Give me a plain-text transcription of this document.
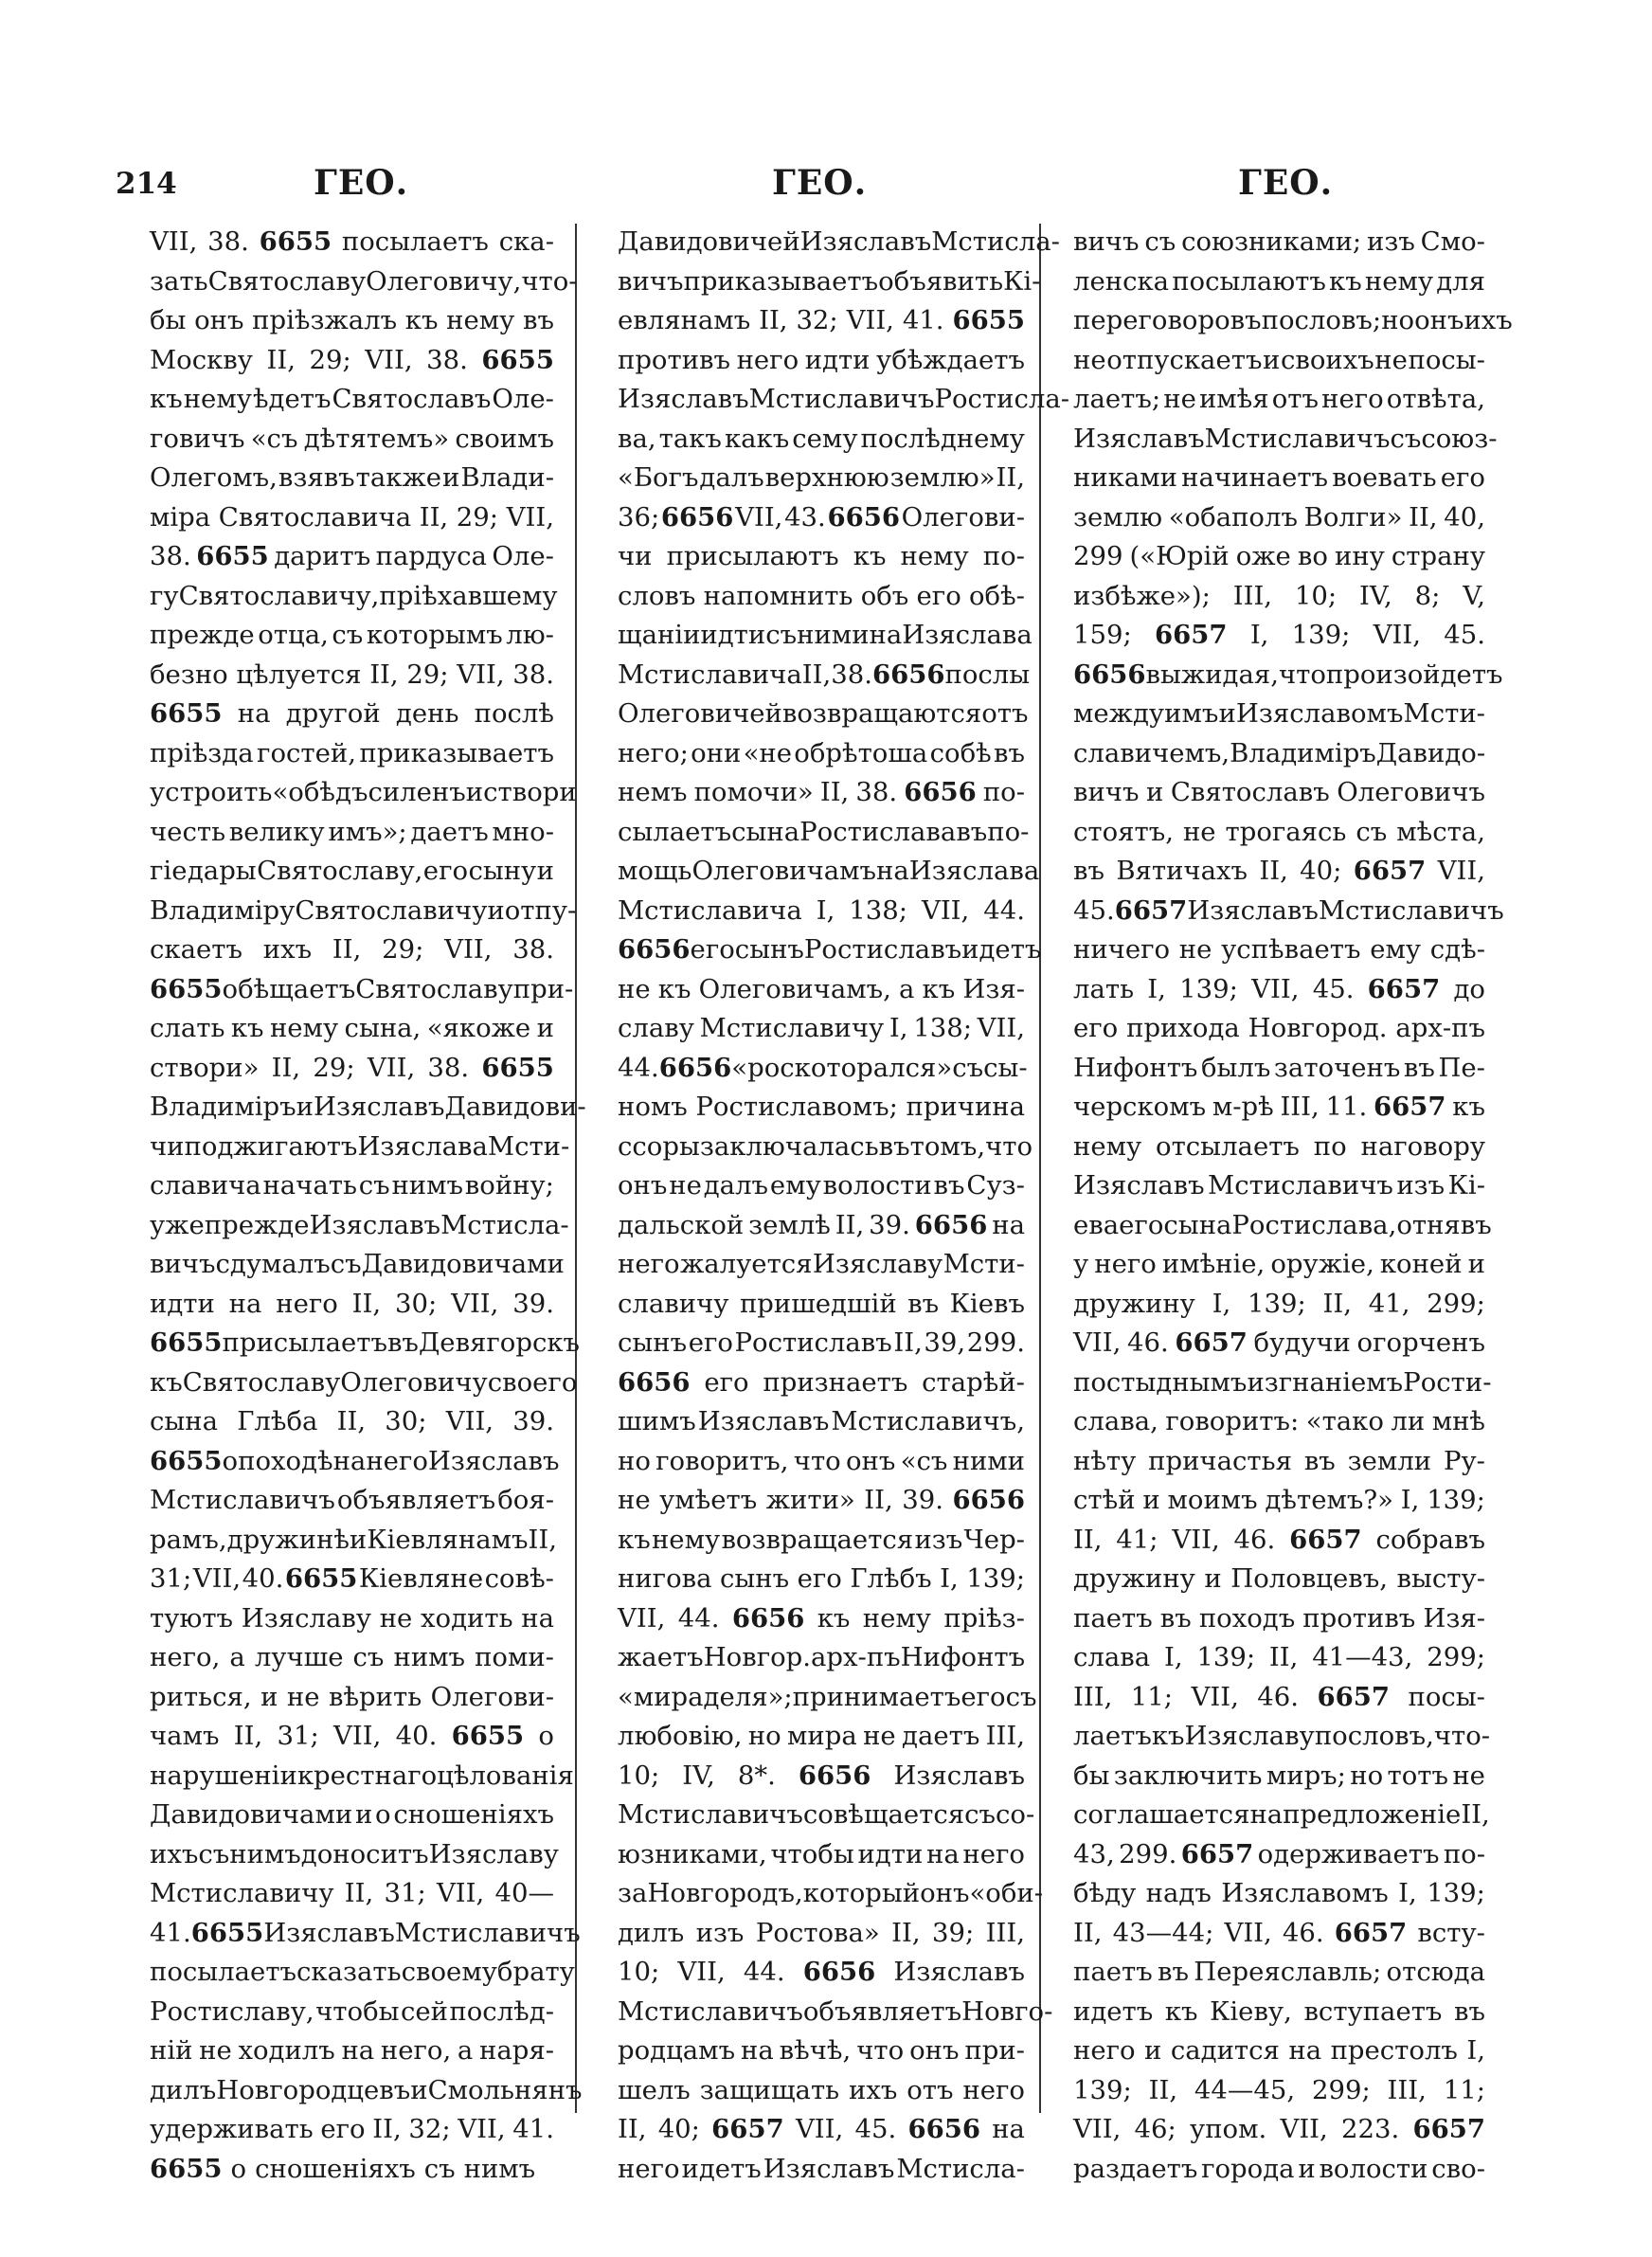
214	ГЕО.	ГЕО.	ГЕО.
VII, 38. 6655 посылаетъ ска-
зать Святославу Олеговичу, что-
бы онъ пріѣзжалъ къ нему въ
Москву II, 29; VII, 38. 6655
къ нему ѣдетъ Святославъ Оле-
говичъ «съ дѣтятемъ» своимъ
Олегомъ, взявъ также и Влади-
міра Святославича II, 29; VII,
38. 6655 даритъ пардуса Оле-
гу Святославичу, пріѣхавшему
прежде отца, съ которымъ лю-
безно цѣлуется II, 29; VII, 38.
6655 на другой день послѣ
пріѣзда гостей, приказываетъ
устроить «обѣдъ силенъ и створи
честь велику имъ»; даетъ мно-
гіе дары Святославу, его сыну и
Владиміру Святославичу и отпу-
скаетъ ихъ II, 29; VII, 38.
6655 обѣщаетъ Святославу при-
слать къ нему сына, «якоже и
створи» II, 29; VII, 38. 6655
Владиміръ и Изяславъ Давидови-
чи поджигаютъ Изяслава Мсти-
славича начать съ нимъ войну;
уже прежде Изяславъ Мстисла-
вичъ сдумалъ съ Давидовичами
идти на него II, 30; VII, 39.
6655 присылаетъ въ Девягорскъ
къ Святославу Олеговичу своего
сына Глѣба II, 30; VII, 39.
6655 о походѣ на него Изяславъ
Мстиславичъ объявляетъ боя-
рамъ, дружинѣ и Кіевлянамъ II,
31; VII, 40. 6655 Кіевляне совѣ-
туютъ Изяславу не ходить на
него, а лучше съ нимъ поми-
риться, и не вѣрить Олегови-
чамъ II, 31; VII, 40. 6655 о
нарушеніи крестнаго цѣлованія
Давидовичами и о сношеніяхъ
ихъ съ нимъ доноситъ Изяславу
Мстиславичу II, 31; VII, 40—
41. 6655 Изяславъ Мстиславичъ
посылаетъ сказать своему брату
Ростиславу, чтобы сей послѣд-
ній не ходилъ на него, а наря-
дилъ Новгородцевъ и Смольнянъ
удерживать его II, 32; VII, 41.
6655 о сношеніяхъ съ нимъ
Давидовичей Изяславъ Мстисла-
вичъ приказываетъ объявить Кі-
евлянамъ II, 32; VII, 41. 6655
противъ него идти убѣждаетъ
Изяславъ Мстиславичъ Ростисла-
ва, такъ какъ сему послѣднему
«Богъ далъ верхнюю землю» II,
36; 6656 VII, 43. 6656 Олегови-
чи присылаютъ къ нему по-
словъ напомнить объ его обѣ-
щаніи идти съ ними на Изяслава
Мстиславича II, 38. 6656 послы
Олеговичей возвращаются отъ
него; они «не обрѣтоша собѣ въ
немъ помочи» II, 38. 6656 по-
сылаетъ сына Ростислава въ по-
мощь Олеговичамъ на Изяслава
Мстиславича I, 138; VII, 44.
6656 его сынъ Ростиславъ идетъ
не къ Олеговичамъ, а къ Изя-
славу Мстиславичу I, 138; VII,
44. 6656 «роскоторался» съ сы-
номъ Ростиславомъ; причина
ссоры заключалась въ томъ, что
онъ не далъ ему волости въ Суз-
дальской землѣ II, 39. 6656 на
него жалуется Изяславу Мсти-
славичу пришедшій въ Кіевъ
сынъ его Ростиславъ II, 39, 299.
6656 его признаетъ старѣй-
шимъ Изяславъ Мстиславичъ,
но говоритъ, что онъ «съ ними
не умѣетъ жити» II, 39. 6656
къ нему возвращается изъ Чер-
нигова сынъ его Глѣбъ I, 139;
VII, 44. 6656 къ нему пріѣз-
жаетъ Новгор. арх-пъ Нифонтъ
«мира деля»; принимаетъ его съ
любовію, но мира не даетъ III,
10; IV, 8*. 6656 Изяславъ
Мстиславичъ совѣщается съ со-
юзниками, чтобы идти на него
за Новгородъ, который онъ «оби-
дилъ изъ Ростова» II, 39; III,
10; VII, 44. 6656 Изяславъ
Мстиславичъ объявляетъ Новго-
родцамъ на вѣчѣ, что онъ при-
шелъ защищать ихъ отъ него
II, 40; 6657 VII, 45. 6656 на
него идетъ Изяславъ Мстисла-
вичъ съ союзниками; изъ Смо-
ленска посылаютъ къ нему для
переговоровъ пословъ; но онъ ихъ
не отпускаетъ и своихъ не посы-
лаетъ; не имѣя отъ него отвѣта,
Изяславъ Мстиславичъ съ союз-
никами начинаетъ воевать его
землю «обаполъ Волги» II, 40,
299 («Юрій оже во ину страну
избѣже»); III, 10; IV, 8; V,
159; 6657 I, 139; VII, 45.
6656 выжидая, что произойдетъ
между имъ и Изяславомъ Мсти-
славичемъ, Владиміръ Давидо-
вичъ и Святославъ Олеговичъ
стоятъ, не трогаясь съ мѣста,
въ Вятичахъ II, 40; 6657 VII,
45. 6657 Изяславъ Мстиславичъ
ничего не успѣваетъ ему сдѣ-
лать I, 139; VII, 45. 6657 до
его прихода Новгород. арх-пъ
Нифонтъ былъ заточенъ въ Пе-
черскомъ м-рѣ III, 11. 6657 къ
нему отсылаетъ по наговору
Изяславъ Мстиславичъ изъ Кі-
ева его сына Ростислава, отнявъ
у него имѣніе, оружіе, коней и
дружину I, 139; II, 41, 299;
VII, 46. 6657 будучи огорченъ
постыднымъ изгнаніемъ Рости-
слава, говоритъ: «тако ли мнѣ
нѣту причастья въ земли Ру-
стѣй и моимъ дѣтемъ?» I, 139;
II, 41; VII, 46. 6657 собравъ
дружину и Половцевъ, высту-
паетъ въ походъ противъ Изя-
слава I, 139; II, 41—43, 299;
III, 11; VII, 46. 6657 посы-
лаетъ къ Изяславу пословъ, что-
бы заключить миръ; но тотъ не
соглашается на предложеніе II,
43, 299. 6657 одерживаетъ по-
бѣду надъ Изяславомъ I, 139;
II, 43—44; VII, 46. 6657 всту-
паетъ въ Переяславль; отсюда
идетъ къ Кіеву, вступаетъ въ
него и садится на престолъ I,
139; II, 44—45, 299; III, 11;
VII, 46; упом. VII, 223. 6657
раздаетъ города и волости сво-
